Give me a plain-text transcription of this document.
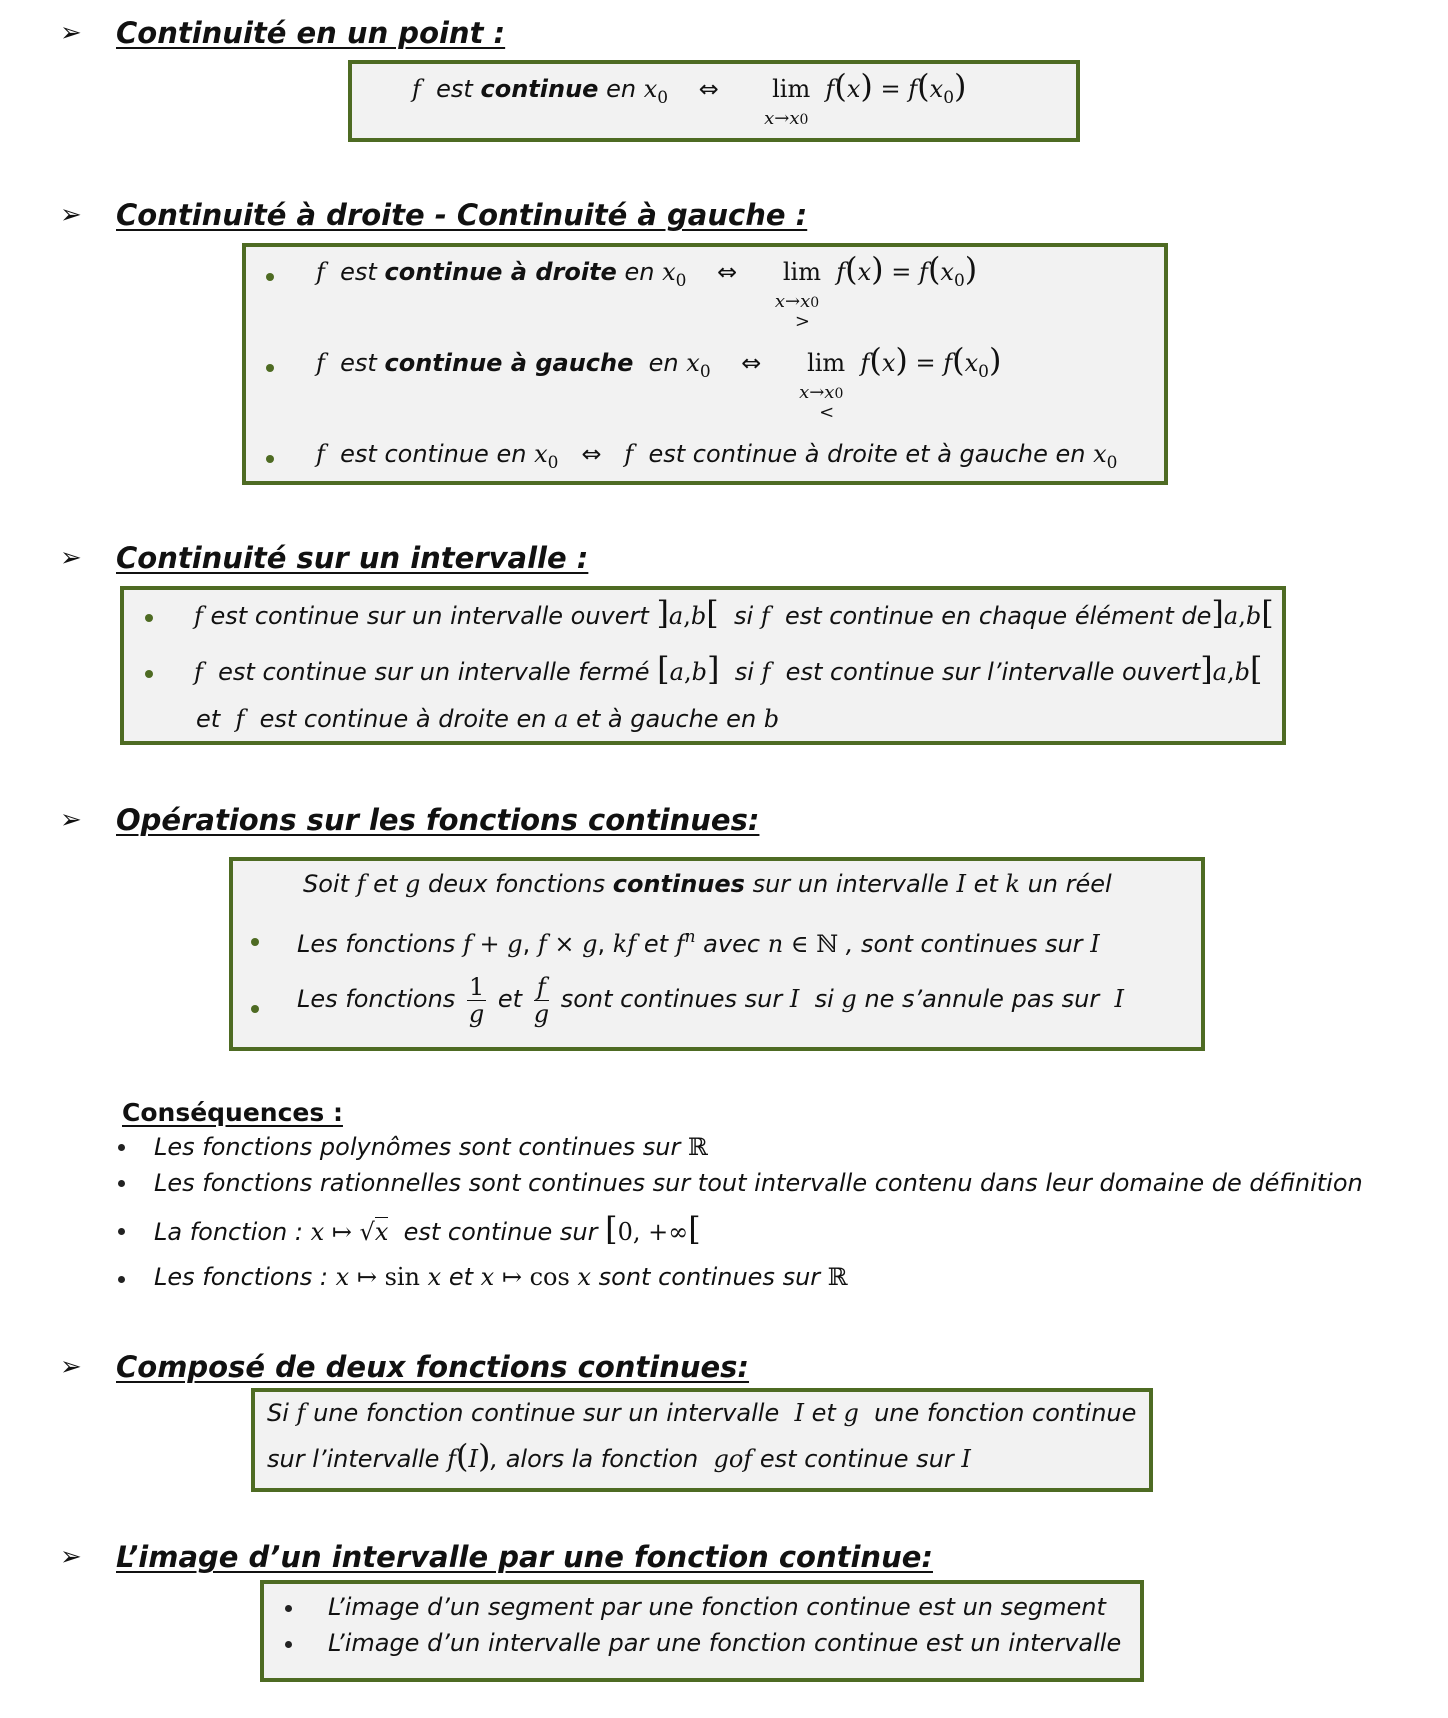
➢ Continuité en un point :
f est continue en $x_0$ ⇔ lim
x→x0
$f(x) = f(x_0)$
➢ Continuité à droite - Continuité à gauche :
f est continue à droite en $x_0$ ⇔ lim
x→x0
>
$f(x) = f(x_0)$
f est continue à gauche en $x_0$ ⇔ lim
x→x0
<
$f(x) = f(x_0)$
f est continue en $x_0$ ⇔ f est continue à droite et à gauche en $x_0$
➢ Continuité sur un intervalle :
f est continue sur un intervalle ouvert ]a,b[ si f est continue en chaque élément de]a,b[
f est continue sur un intervalle fermé [a,b] si f est continue sur l’intervalle ouvert]a,b[
et f est continue à droite en a et à gauche en b
➢ Opérations sur les fonctions continues:
Soit f et g deux fonctions continues sur un intervalle I et k un réel
Les fonctions f + g, f × g, kf et $f^n$ avec n ∈ ℕ , sont continues sur I
Les fonctions $\frac{1}{g}$ et $\frac{f}{g}$ sont continues sur I si g ne s’annule pas sur I
Conséquences :
Les fonctions polynômes sont continues sur ℝ
Les fonctions rationnelles sont continues sur tout intervalle contenu dans leur domaine de définition
La fonction : x ↦ √x est continue sur [0, +∞[
Les fonctions : x ↦ sin x et x ↦ cos x sont continues sur ℝ
➢ Composé de deux fonctions continues:
Si f une fonction continue sur un intervalle I et g une fonction continue
sur l’intervalle f(I), alors la fonction gof est continue sur I
➢ L’image d’un intervalle par une fonction continue:
L’image d’un segment par une fonction continue est un segment
L’image d’un intervalle par une fonction continue est un intervalle
